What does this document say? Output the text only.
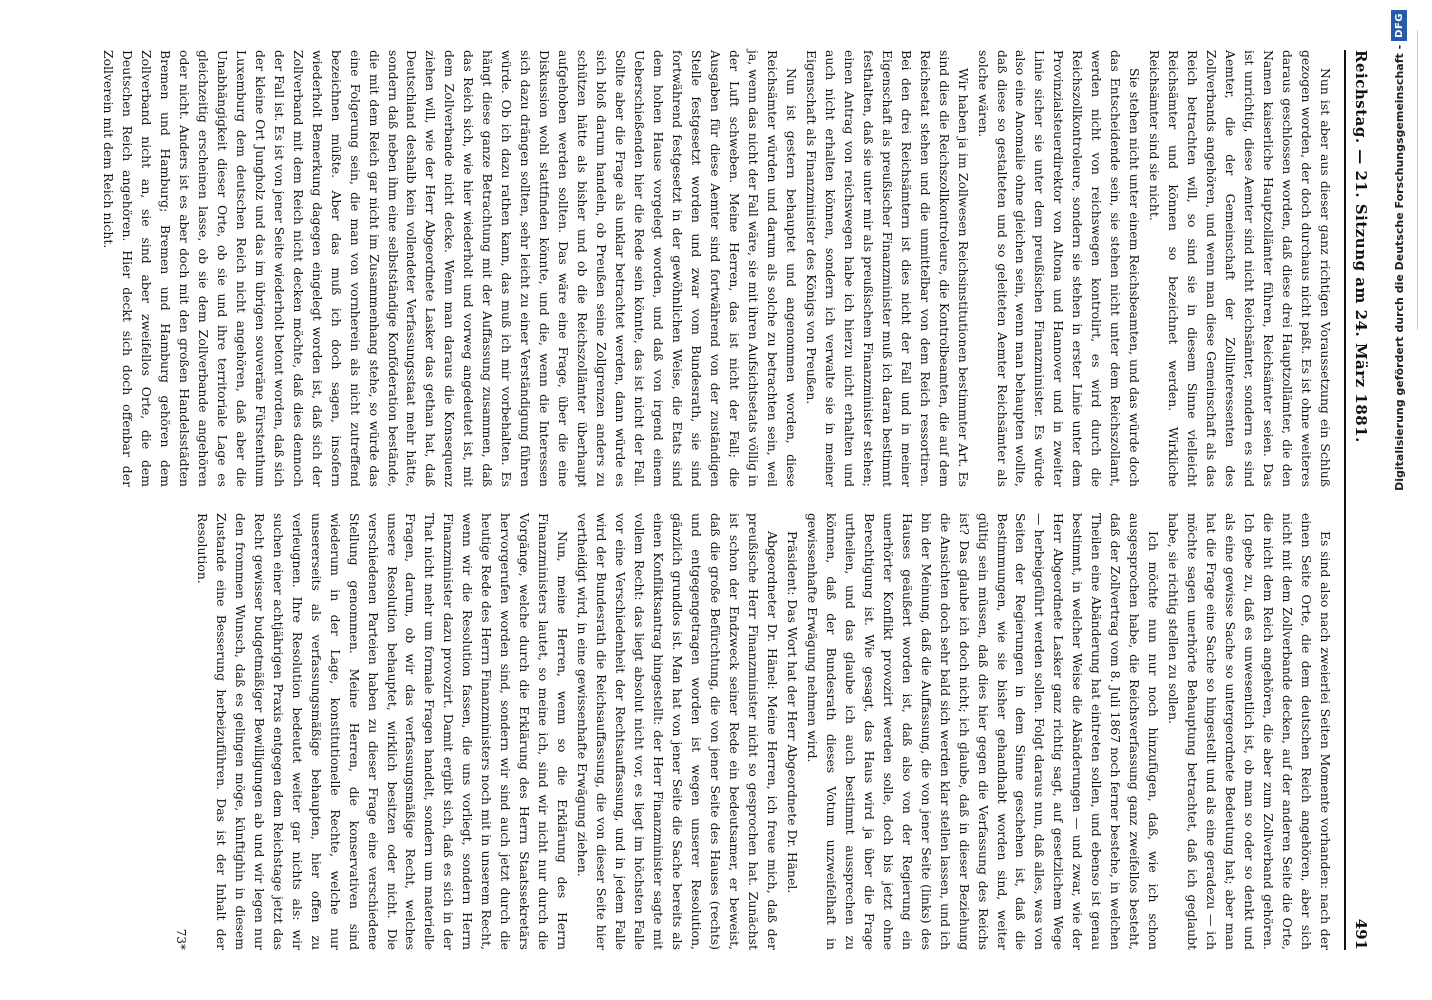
Reichstag. — 21. Sitzung am 24. März 1881.
491

Nun ist aber aus dieser ganz richtigen Voraussetzung ein Schluß gezogen worden, der doch durchaus nicht paßt. Es ist ohne weiteres daraus geschlossen worden, daß diese drei Hauptzollämter, die den Namen kaiserliche Hauptzollämter führen, Reichsämter seien. Das ist unrichtig, diese Aemter sind nicht Reichsämter, sondern es sind Aemter, die der Gemeinschaft der Zollinteressenten des Zollverbands angehören, und wenn man diese Gemeinschaft als das Reich betrachten will, so sind sie in diesem Sinne vielleicht Reichsämter und können so bezeichnet werden. Wirkliche Reichsämter sind sie nicht.

Sie stehen nicht unter einem Reichsbeamten, und das würde doch das Entscheidende sein, sie stehen nicht unter dem Reichszollamt, werden nicht von reichswegen kontrolirt, es wird durch die Reichszollkontroleure, sondern sie stehen in erster Linie unter dem Provinzialsteuerdirektor von Altona und Hannover und in zweiter Linie sicher sie unter dem preußischen Finanzminister. Es würde also eine Anomalie ohne gleichen sein, wenn man behaupten wollte, daß diese so gestalteten und so geleiteten Aemter Reichsämter als solche wären.

Wir haben ja im Zollwesen Reichsinstitutionen bestimmter Art. Es sind dies die Reichszollkontroleure, die Kontrolbeamten, die auf dem Reichsetat stehen und die unmittelbar von dem Reich ressortiren. Bei den drei Reichsämtern ist dies nicht der Fall und in meiner Eigenschaft als preußischer Finanzminister muß ich daran bestimmt festhalten, daß sie unter mir als preußischem Finanzminister stehen; einen Antrag von reichswegen habe ich hierzu nicht erhalten und auch nicht erhalten können, sondern ich verwalte sie in meiner Eigenschaft als Finanzminister des Königs von Preußen.

Nun ist gestern behauptet und angenommen worden, diese Reichsämter würden und darum als solche zu betrachten sein, weil ja, wenn das nicht der Fall wäre, sie mit ihren Aufsichtsetats völlig in der Luft schweben. Meine Herren, das ist nicht der Fall; die Ausgaben für diese Aemter sind fortwährend von der zuständigen Stelle festgesetzt worden und zwar vom Bundesrath, sie sind fortwährend festgesetzt in der gewöhnlichen Weise, die Etats sind dem hohen Hause vorgelegt worden, und daß von irgend einem Ueberschießenden hier die Rede sein könnte, das ist nicht der Fall. Sollte aber die Frage als unklar betrachtet werden, dann würde es sich bloß darum handeln, ob Preußen seine Zollgrenzen anders zu schützen hätte als bisher und ob die Reichszollämter überhaupt aufgehoben werden sollten. Das wäre eine Frage, über die eine Diskussion wohl stattfinden könnte, und die, wenn die Interessen sich dazu drängen sollten, sehr leicht zu einer Verständigung führen würde. Ob ich dazu rathen kann, das muß ich mir vorbehalten. Es hängt diese ganze Betrachtung mit der Auffassung zusammen, daß das Reich sich, wie hier wiederholt und vorweg angedeutet ist, mit dem Zollverbande nicht decke. Wenn man daraus die Konsequenz ziehen will, wie der Herr Abgeordnete Lasker das gethan hat, daß Deutschland deshalb kein vollendeter Verfassungsstaat mehr hätte, sondern daß neben ihm eine selbstständige Konföderation bestände, die mit dem Reich gar nicht im Zusammenhang stehe, so würde das eine Folgerung sein, die man von vornherein als nicht zutreffend bezeichnen müßte. Aber das muß ich doch sagen, insofern wiederholt Bemerkung dagegen eingelegt worden ist, daß sich der Zollverband mit dem Reich nicht decken möchte, daß dies dennoch der Fall ist. Es ist von jener Seite wiederholt betont worden, daß sich der kleine Ort Jungholz und das im übrigen souveräne Fürstenthum Luxemburg dem deutschen Reich nicht angehören, daß aber die Unabhängigkeit dieser Orte, ob sie und ihre territoriale Lage es gleichzeitig erscheinen lasse, ob sie dem Zollverbande angehören oder nicht. Anders ist es aber doch mit den großen Handelsstädten Bremen und Hamburg; Bremen und Hamburg gehören dem Zollverband nicht an, sie sind aber zweifellos Orte, die dem Deutschen Reich angehören. Hier deckt sich doch offenbar der Zollverein mit dem Reich nicht.

Es sind also nach zweierlei Seiten Momente vorhanden: nach der einen Seite Orte, die dem deutschen Reich angehören, aber sich nicht mit dem Zollverbande decken, auf der anderen Seite die Orte, die nicht dem Reich angehören, die aber zum Zollverband gehören. Ich gebe zu, daß es unwesentlich ist, ob man so oder so denkt und als eine gewisse Sache so untergeordnete Bedeutung hat; aber man hat die Frage eine Sache so hingestellt und als eine geradezu — ich möchte sagen unerhörte Behauptung betrachtet, daß ich geglaubt habe, sie richtig stellen zu sollen.

Ich möchte nun nur noch hinzufügen, daß, wie ich schon ausgesprochen habe, die Reichsverfassung ganz zweifellos besteht, daß der Zollvertrag vom 8. Juli 1867 noch ferner bestehe, in welchen Theilen eine Abänderung hat eintreten sollen, und ebenso ist genau bestimmt, in welcher Weise die Abänderungen — und zwar, wie der Herr Abgeordnete Lasker ganz richtig sagt, auf gesetzlichem Wege — herbeigeführt werden sollen. Folgt daraus nun, daß alles, was von Seiten der Regierungen in dem Sinne geschehen ist, daß die Bestimmungen, wie sie bisher gehandhabt worden sind, weiter gültig sein müssen, daß dies hier gegen die Verfassung des Reichs ist? Das glaube ich doch nicht; ich glaube, daß in dieser Beziehung die Ansichten doch sehr bald sich werden klar stellen lassen, und ich bin der Meinung, daß die Auffassung, die von jener Seite (links) des Hauses geäußert worden ist, daß also von der Regierung ein unerhörter Konflikt provozirt werden solle, doch bis jetzt ohne Berechtigung ist. Wie gesagt, das Haus wird ja über die Frage urtheilen, und das glaube ich auch bestimmt aussprechen zu können, daß der Bundesrath dieses Votum unzweifelhaft in gewissenhafte Erwägung nehmen wird.

Präsident: Das Wort hat der Herr Abgeordnete Dr. Hänel.

Abgeordneter Dr. Hänel: Meine Herren, ich freue mich, daß der preußische Herr Finanzminister nicht so gesprochen hat. Zunächst ist schon der Endzweck seiner Rede ein bedeutsamer, er beweist, daß die große Befürchtung, die von jener Seite des Hauses (rechts) und entgegengetragen worden ist wegen unserer Resolution, gänzlich grundlos ist. Man hat von jener Seite die Sache bereits als einen Konfliktsantrag hingestellt: der Herr Finanzminister sagte mit vollem Recht: das liegt absolut nicht vor, es liegt im höchsten Falle vor eine Verschiedenheit der Rechtsauffassung, und in jedem Falle wird der Bundesrath die Reichsauffassung, die von dieser Seite hier vertheidigt wird, in eine gewissenhafte Erwägung ziehen.

Nun, meine Herren, wenn so die Erklärung des Herrn Finanzministers lautet, so meine ich, sind wir nicht nur durch die Vorgänge, welche durch die Erklärung des Herrn Staatssekretärs hervorgerufen worden sind, sondern wir sind auch jetzt durch die heutige Rede des Herrn Finanzministers noch mit in unserem Recht, wenn wir die Resolution fassen, die uns vorliegt, sondern Herrn Finanzminister dazu provozirt. Damit ergibt sich, daß es sich in der That nicht mehr um formale Fragen handelt, sondern um materielle Fragen, darum, ob wir das verfassungsmäßige Recht, welches unsere Resolution behauptet, wirklich besitzen oder nicht. Die verschiedenen Parteien haben zu dieser Frage eine verschiedene Stellung genommen. Meine Herren, die konservativen sind wiederum in der Lage, konstitutionelle Rechte, welche nur unsererseits als verfassungsmäßige behaupten, hier offen zu verleugnen. Ihre Resolution bedeutet weiter gar nichts als: wir suchen einer achtjährigen Praxis entgegen dem Reichstage jetzt das Recht gewisser budgetmäßiger Bewilligungen ab und wir legen nur den frommen Wunsch, daß es gelingen möge, künftighin in diesem Zustande eine Besserung herbeizuführen. Das ist der Inhalt der Resolution.

73*
Digitalisierung gefördert durch die Deutsche Forschungsgemeinschaft -
DFG
